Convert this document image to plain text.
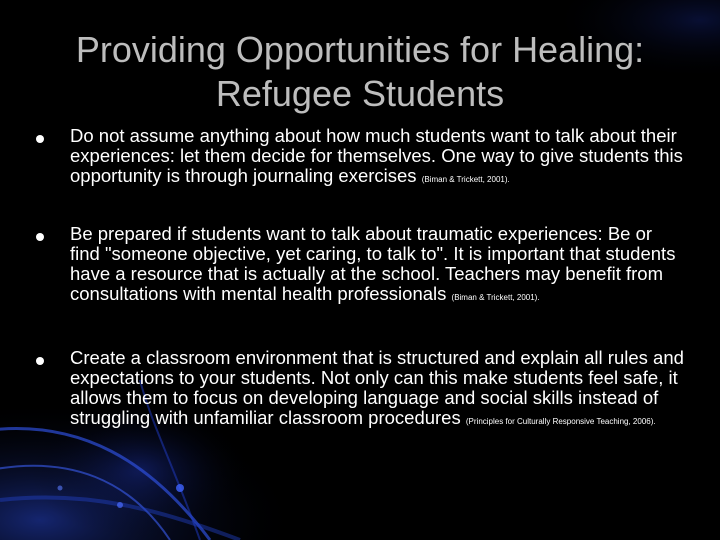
Providing Opportunities for Healing:
Refugee Students
Do not assume anything about how much students want to talk about their experiences: let them decide for themselves. One way to give students this opportunity is through journaling exercises (Biman & Trickett, 2001).
Be prepared if students want to talk about traumatic experiences: Be or find "someone objective, yet caring, to talk to". It is important that students have a resource that is actually at the school. Teachers may benefit from consultations with mental health professionals (Biman & Trickett, 2001).
Create a classroom environment that is structured and explain all rules and expectations to your students. Not only can this make students feel safe, it allows them to focus on developing language and social skills instead of struggling with unfamiliar classroom procedures (Principles for Culturally Responsive Teaching, 2006).
